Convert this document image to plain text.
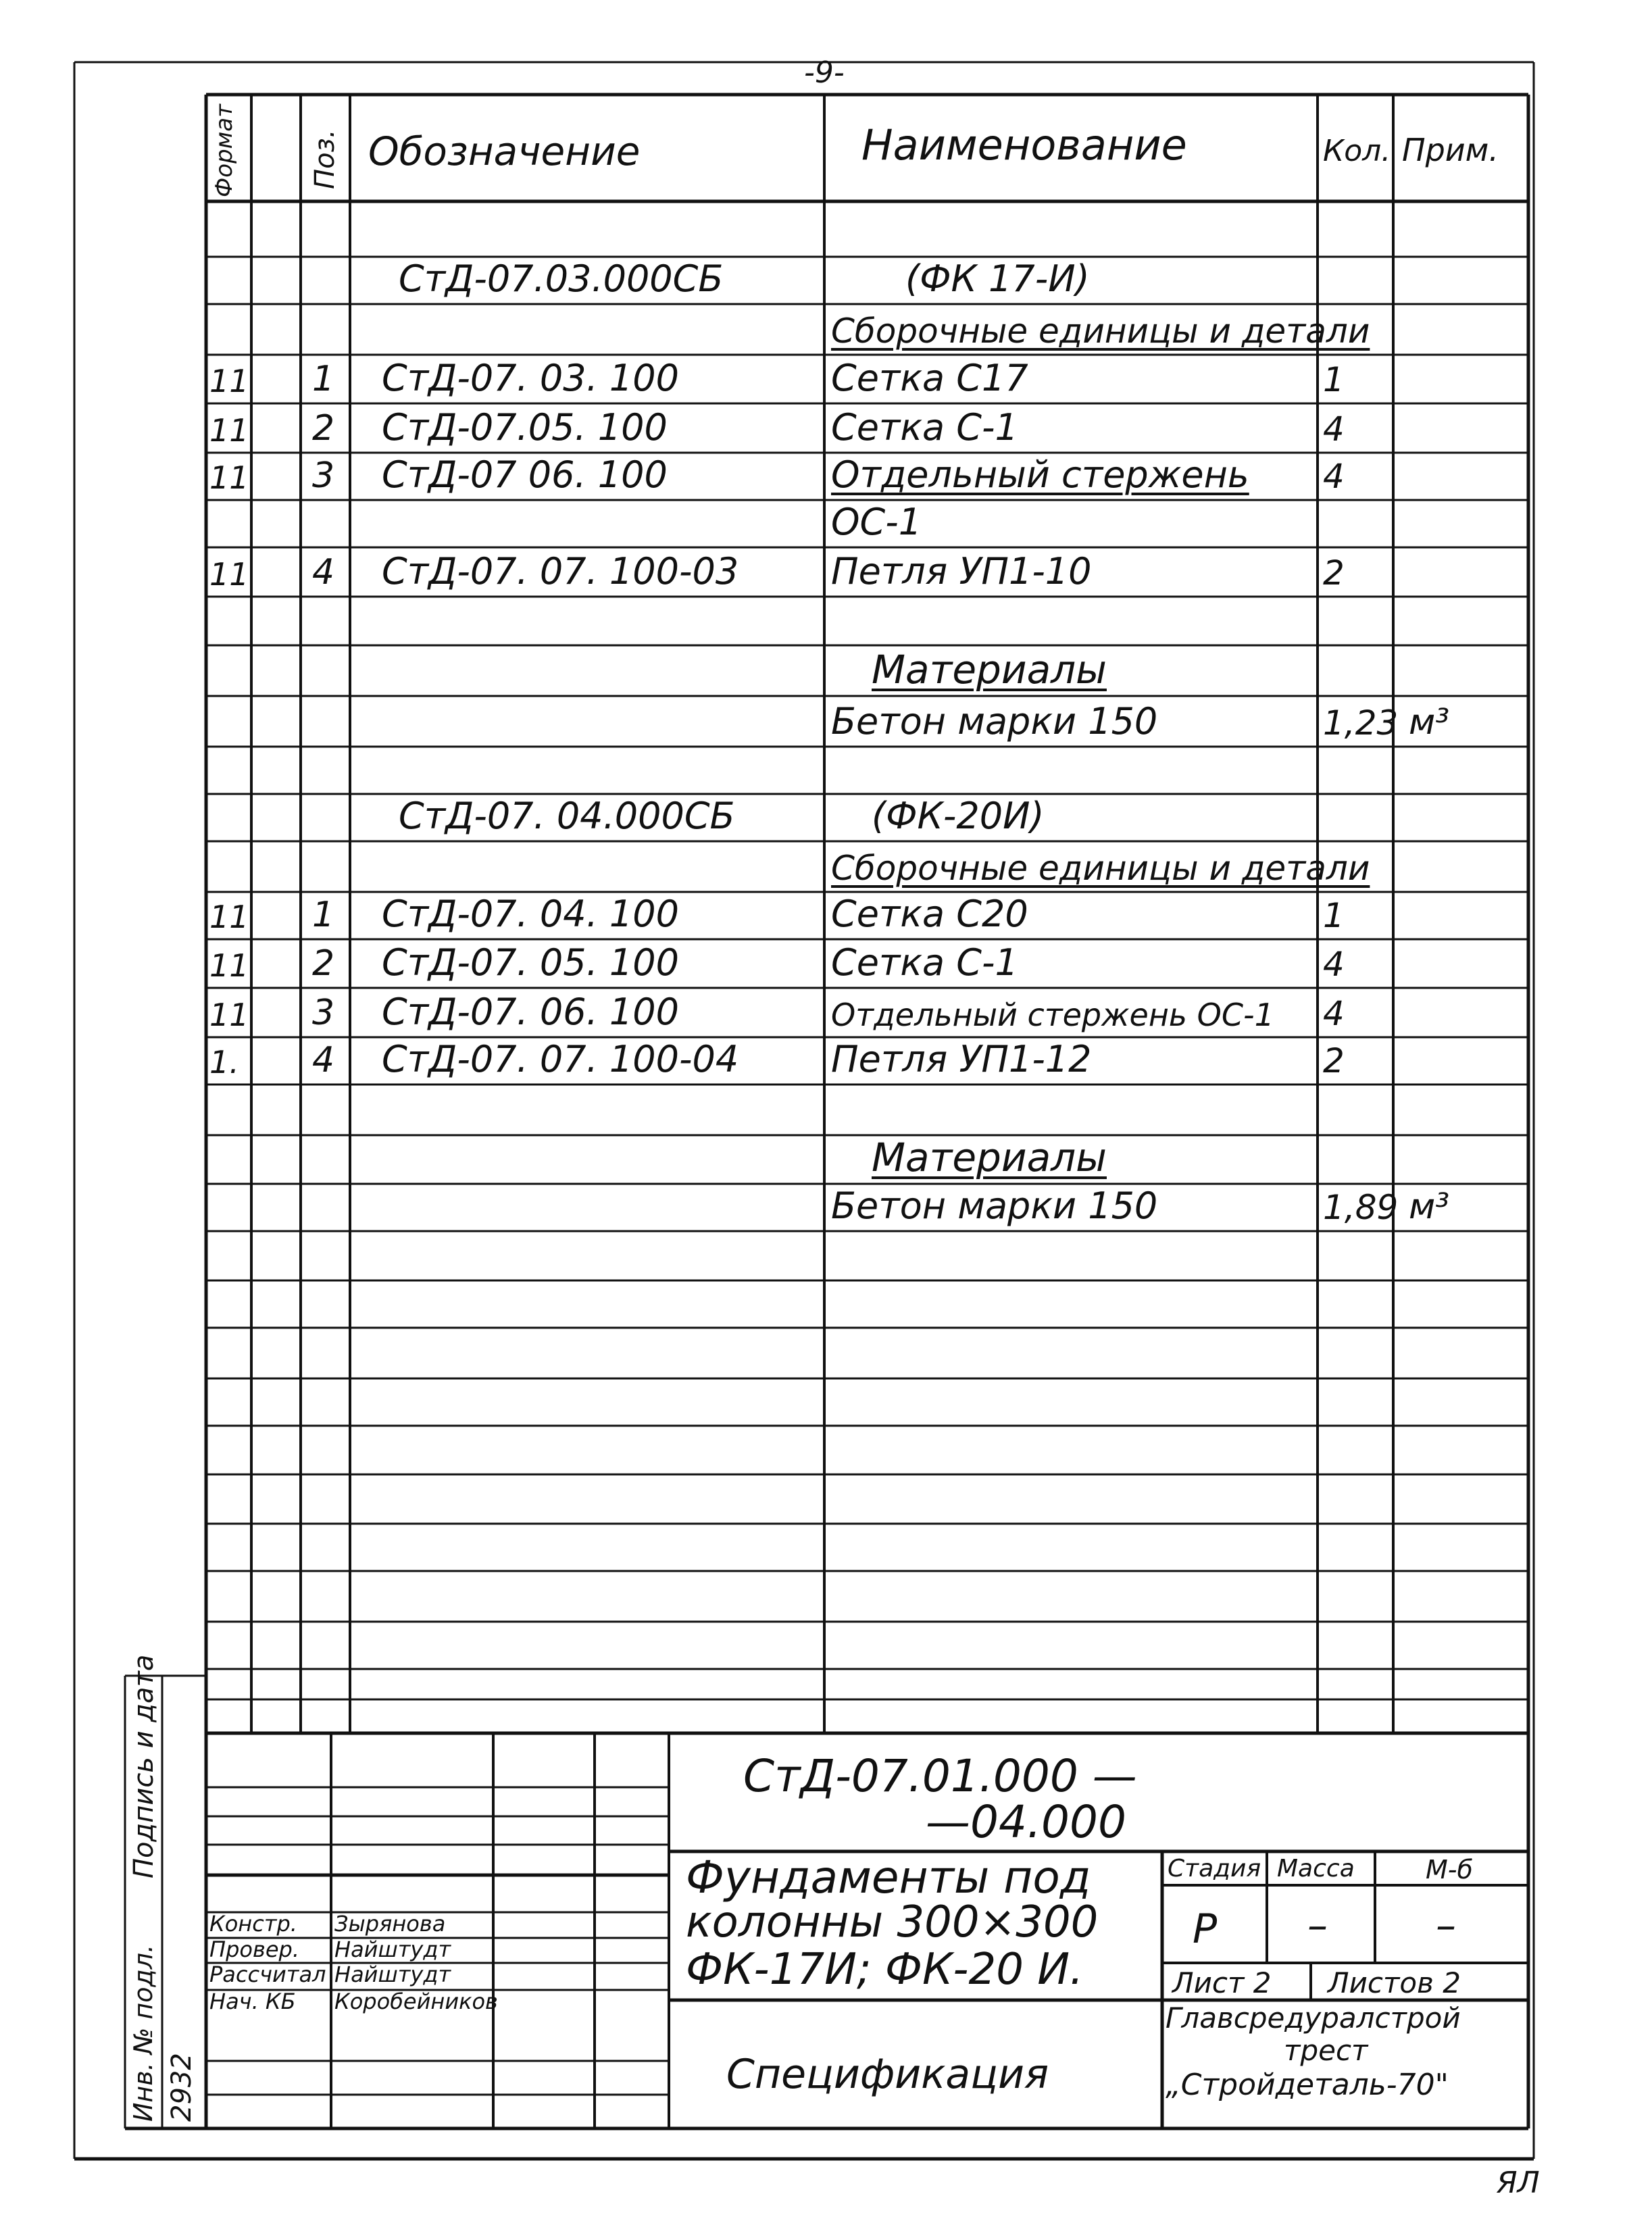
-9-
Формат	Поз. Обозначение	Наименование	Кол. Прим.
СтД-07.03.000СБ	(ФК 17-И)
Сборочные единицы и детали
11 1 СтД-07. 03. 100	Сетка С17	1
11 2 СтД-07.05. 100	Сетка С-1	4
11 3 СтД-07 06. 100	Отдельный стержень 4
ОС-1
11 4 СтД-07. 07. 100-03	Петля УП1-10	2
Материалы
Бетон марки 150	1,23 м³
СтД-07. 04.000СБ	(ФК-20И)
Сборочные единицы и детали
11 1 СтД-07. 04. 100	Сетка С20	1
11 2 СтД-07. 05. 100	Сетка С-1	4
11 3 СтД-07. 06. 100	Отдельный стержень ОС-1 4
1. 4 СтД-07. 07. 100-04	Петля УП1-12	2
Материалы
Бетон марки 150	1,89 м³
Подпись и дата
Инв. № подл. 2932
Констр. Зырянова
Провер. Найштудт
Рассчитал Найштудт
Нач. КБ Коробейников
СтД-07.01.000 —
—04.000
Фундаменты под
колонны 300×300
ФК-17И; ФК-20 И.
Спецификация
Стадия Масса	М-б
Р –	–
Лист 2 Листов 2
Главсредуралстрой
трест
„Стройдеталь-70"
ЯЛ
